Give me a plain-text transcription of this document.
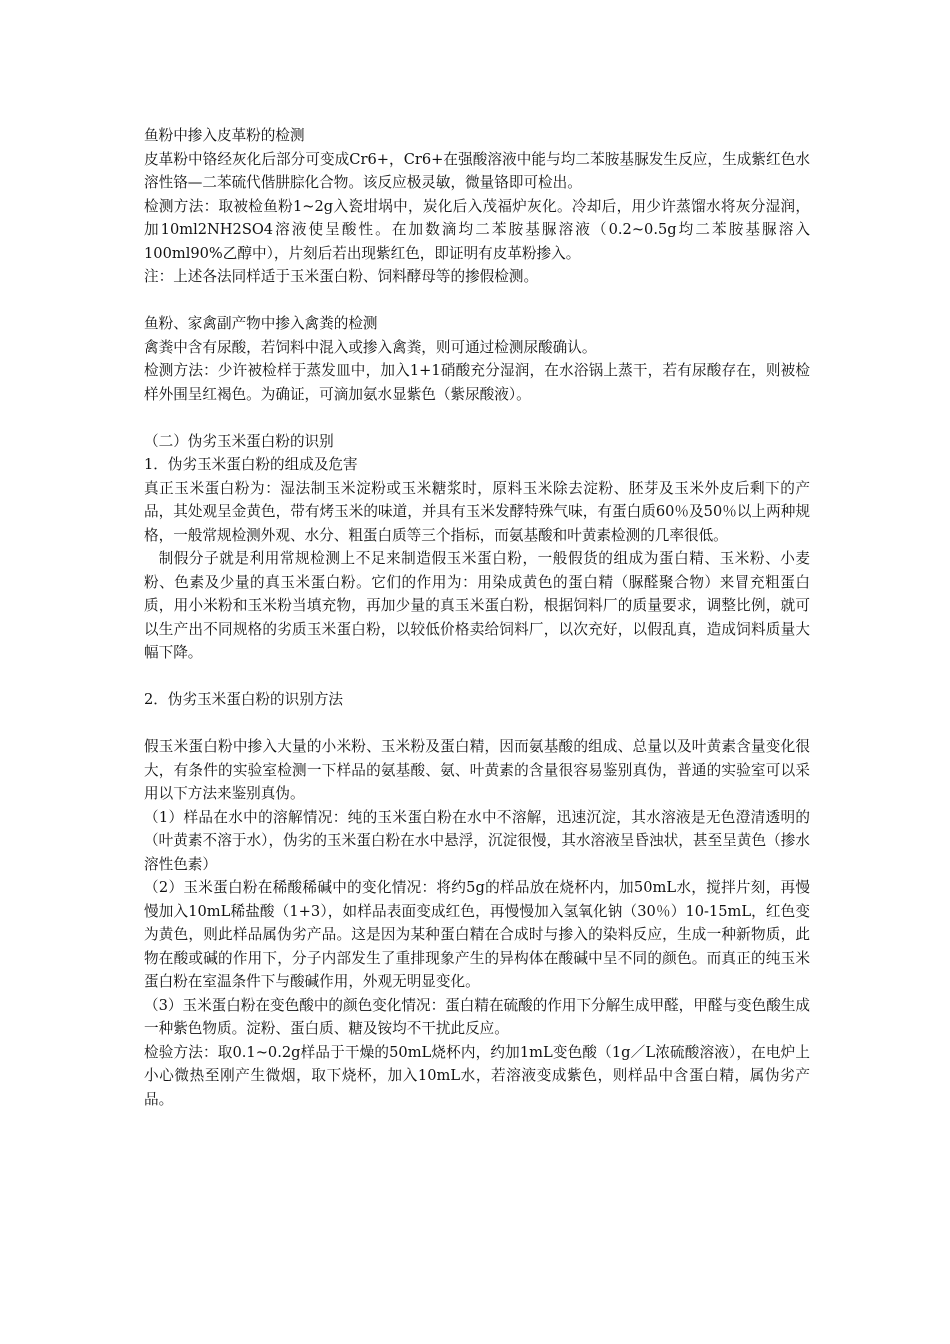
鱼粉中掺入皮革粉的检测

皮革粉中铬经灰化后部分可变成Cr6+，Cr6+在强酸溶液中能与均二苯胺基脲发生反应，生成紫红色水溶性铬—二苯硫代偕肼腙化合物。该反应极灵敏，微量铬即可检出。

检测方法：取被检鱼粉1~2g入瓷坩埚中，炭化后入茂福炉灰化。冷却后，用少许蒸馏水将灰分湿润，加10ml2NH2SO4溶液使呈酸性。在加数滴均二苯胺基脲溶液（0.2~0.5g均二苯胺基脲溶入100ml90%乙醇中），片刻后若出现紫红色，即证明有皮革粉掺入。

注：上述各法同样适于玉米蛋白粉、饲料酵母等的掺假检测。

鱼粉、家禽副产物中掺入禽粪的检测

禽粪中含有尿酸，若饲料中混入或掺入禽粪，则可通过检测尿酸确认。

检测方法：少许被检样于蒸发皿中，加入1+1硝酸充分湿润，在水浴锅上蒸干，若有尿酸存在，则被检样外围呈红褐色。为确证，可滴加氨水显紫色（紫尿酸液）。

（二）伪劣玉米蛋白粉的识别

1．伪劣玉米蛋白粉的组成及危害

真正玉米蛋白粉为：湿法制玉米淀粉或玉米糖浆时，原料玉米除去淀粉、胚芽及玉米外皮后剩下的产品，其处观呈金黄色，带有烤玉米的味道，并具有玉米发酵特殊气味，有蛋白质60％及50％以上两种规格，一般常规检测外观、水分、粗蛋白质等三个指标，而氨基酸和叶黄素检测的几率很低。

制假分子就是利用常规检测上不足来制造假玉米蛋白粉，一般假货的组成为蛋白精、玉米粉、小麦粉、色素及少量的真玉米蛋白粉。它们的作用为：用染成黄色的蛋白精（脲醛聚合物）来冒充粗蛋白质，用小米粉和玉米粉当填充物，再加少量的真玉米蛋白粉，根据饲料厂的质量要求，调整比例，就可以生产出不同规格的劣质玉米蛋白粉，以较低价格卖给饲料厂，以次充好，以假乱真，造成饲料质量大幅下降。

2．伪劣玉米蛋白粉的识别方法

假玉米蛋白粉中掺入大量的小米粉、玉米粉及蛋白精，因而氨基酸的组成、总量以及叶黄素含量变化很大，有条件的实验室检测一下样品的氨基酸、氨、叶黄素的含量很容易鉴别真伪，普通的实验室可以采用以下方法来鉴别真伪。

（1）样品在水中的溶解情况：纯的玉米蛋白粉在水中不溶解，迅速沉淀，其水溶液是无色澄清透明的（叶黄素不溶于水），伪劣的玉米蛋白粉在水中悬浮，沉淀很慢，其水溶液呈昏浊状，甚至呈黄色（掺水溶性色素）

（2）玉米蛋白粉在稀酸稀碱中的变化情况：将约5g的样品放在烧杯内，加50mL水，搅拌片刻，再慢慢加入10mL稀盐酸（1+3），如样品表面变成红色，再慢慢加入氢氧化钠（30％）10-15mL，红色变为黄色，则此样品属伪劣产品。这是因为某种蛋白精在合成时与掺入的染料反应，生成一种新物质，此物在酸或碱的作用下，分子内部发生了重排现象产生的异构体在酸碱中呈不同的颜色。而真正的纯玉米蛋白粉在室温条件下与酸碱作用，外观无明显变化。

（3）玉米蛋白粉在变色酸中的颜色变化情况：蛋白精在硫酸的作用下分解生成甲醛，甲醛与变色酸生成一种紫色物质。淀粉、蛋白质、糖及铵均不干扰此反应。

检验方法：取0.1~0.2g样品于干燥的50mL烧杯内，约加1mL变色酸（1g／L浓硫酸溶液），在电炉上小心微热至刚产生微烟，取下烧杯，加入10mL水，若溶液变成紫色，则样品中含蛋白精，属伪劣产品。
